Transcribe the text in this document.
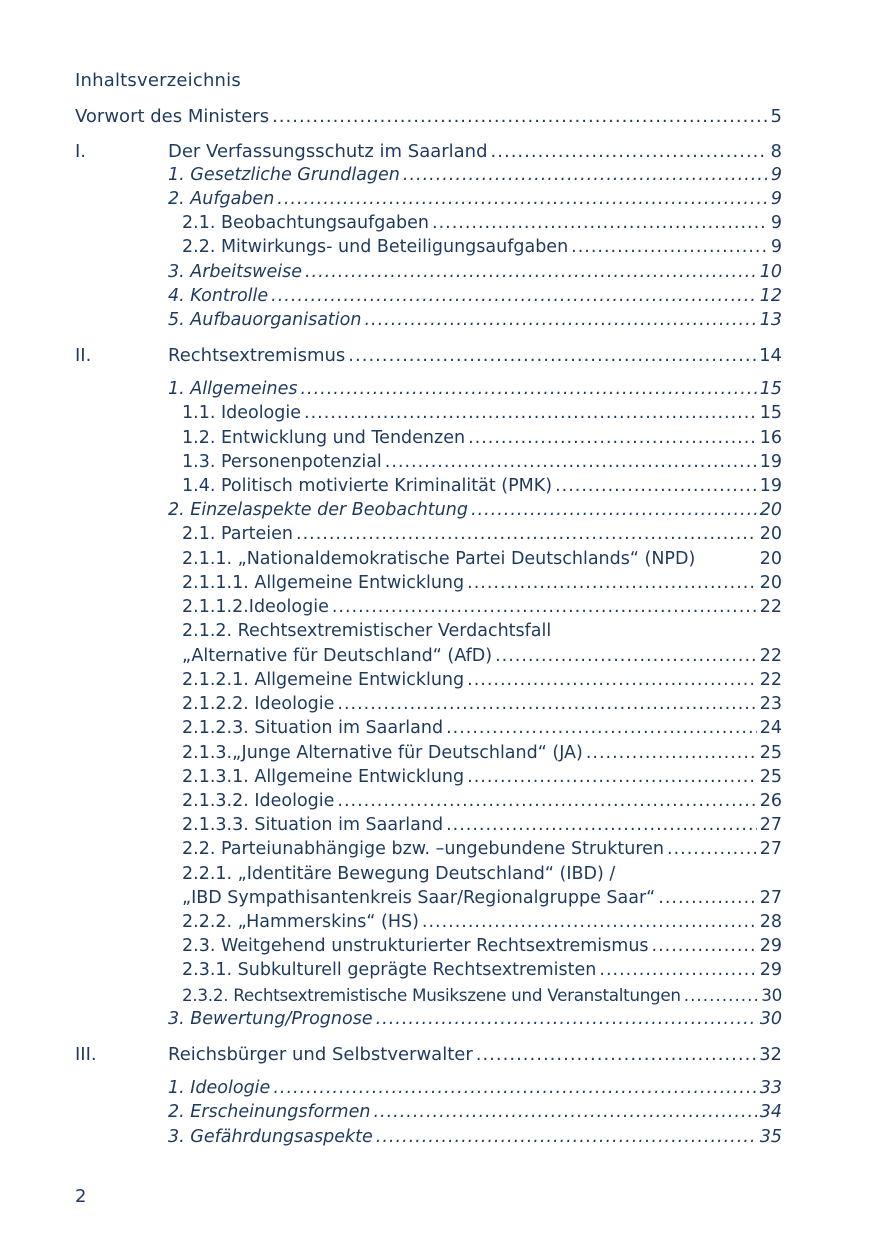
Inhaltsverzeichnis
Vorwort des Ministers .....	5
I.	Der Verfassungsschutz im Saarland .....	8
1. Gesetzliche Grundlagen .....	9
2. Aufgaben .....	9
2.1. Beobachtungsaufgaben .....	9
2.2. Mitwirkungs- und Beteiligungsaufgaben .....	9
3. Arbeitsweise .....	10
4. Kontrolle .....	12
5. Aufbauorganisation .....	13
II.	Rechtsextremismus .....	14
1. Allgemeines .....	15
1.1. Ideologie .....	15
1.2. Entwicklung und Tendenzen .....	16
1.3. Personenpotenzial .....	19
1.4. Politisch motivierte Kriminalität (PMK) .....	19
2. Einzelaspekte der Beobachtung .....	20
2.1. Parteien .....	20
2.1.1. „Nationaldemokratische Partei Deutschlands“ (NPD)	20
2.1.1.1. Allgemeine Entwicklung .....	20
2.1.1.2.Ideologie .....	22
2.1.2. Rechtsextremistischer Verdachtsfall
„Alternative für Deutschland“ (AfD) .....	22
2.1.2.1. Allgemeine Entwicklung .....	22
2.1.2.2. Ideologie .....	23
2.1.2.3. Situation im Saarland .....	24
2.1.3.„Junge Alternative für Deutschland“ (JA) .....	25
2.1.3.1. Allgemeine Entwicklung .....	25
2.1.3.2. Ideologie .....	26
2.1.3.3. Situation im Saarland .....	27
2.2. Parteiunabhängige bzw. –ungebundene Strukturen .....	27
2.2.1. „Identitäre Bewegung Deutschland“ (IBD) /
„IBD Sympathisantenkreis Saar/Regionalgruppe Saar“ .....	27
2.2.2. „Hammerskins“ (HS) .....	28
2.3. Weitgehend unstrukturierter Rechtsextremismus .....	29
2.3.1. Subkulturell geprägte Rechtsextremisten .....	29
2.3.2. Rechtsextremistische Musikszene und Veranstaltungen .....	30
3. Bewertung/Prognose .....	30
III.	Reichsbürger und Selbstverwalter .....	32
1. Ideologie .....	33
2. Erscheinungsformen .....	34
3. Gefährdungsaspekte .....	35
2
